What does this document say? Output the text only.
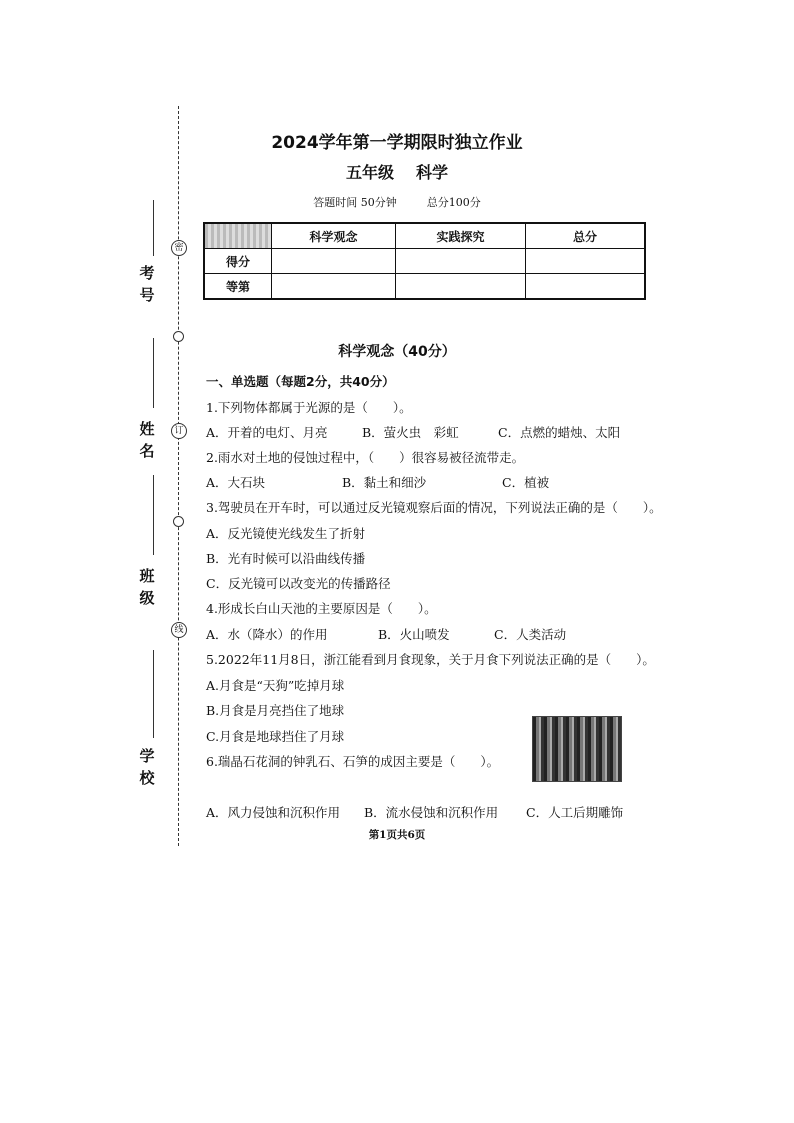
密
订
线
考号
姓名
班级
学校
2024学年第一学期限时独立作业
五年级 科学
答题时间 50分钟	总分100分
	科学观念	实践探究	总分
得分			
等第			
科学观念（40分）
一、单选题（每题2分，共40分）
1.下列物体都属于光源的是（　　）。
A．开着的电灯、月亮	B．萤火虫　彩虹	C．点燃的蜡烛、太阳
2.雨水对土地的侵蚀过程中，（　　）很容易被径流带走。
A．大石块	B．黏土和细沙	C．植被
3.驾驶员在开车时，可以通过反光镜观察后面的情况，下列说法正确的是（　　）。
A．反光镜使光线发生了折射
B．光有时候可以沿曲线传播
C．反光镜可以改变光的传播路径
4.形成长白山天池的主要原因是（　　）。
A．水（降水）的作用	B．火山喷发	C．人类活动
5.2022年11月8日，浙江能看到月食现象，关于月食下列说法正确的是（　　）。
A.月食是“天狗”吃掉月球
B.月食是月亮挡住了地球
C.月食是地球挡住了月球
6.瑞晶石花洞的钟乳石、石笋的成因主要是（　　）。
A．风力侵蚀和沉积作用	B．流水侵蚀和沉积作用	C．人工后期雕饰
第1页共6页
